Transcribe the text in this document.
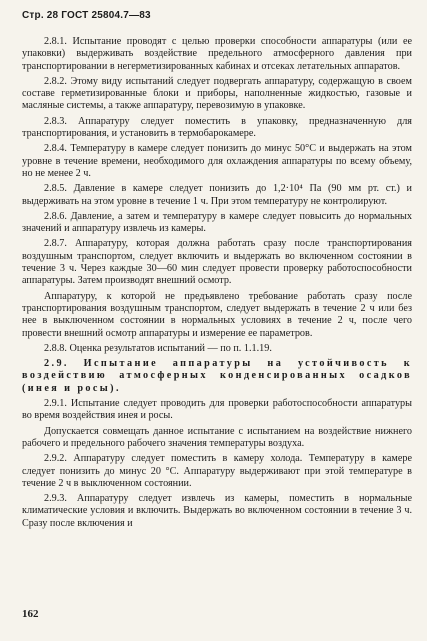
Стр. 28 ГОСТ 25804.7—83

2.8.1. Испытание проводят с целью проверки способности аппаратуры (или ее упаковки) выдерживать воздействие предельного атмосферного давления при транспортировании в негерметизированных кабинах и отсеках летательных аппаратов.

2.8.2. Этому виду испытаний следует подвергать аппаратуру, содержащую в своем составе герметизированные блоки и приборы, наполненные жидкостью, газовые и масляные системы, а также аппаратуру, перевозимую в упаковке.

2.8.3. Аппаратуру следует поместить в упаковку, предназначенную для транспортирования, и установить в термобарокамере.

2.8.4. Температуру в камере следует понизить до минус 50°С и выдержать на этом уровне в течение времени, необходимого для охлаждения аппаратуры по всему объему, но не менее 2 ч.

2.8.5. Давление в камере следует понизить до 1,2·10⁴ Па (90 мм рт. ст.) и выдерживать на этом уровне в течение 1 ч. При этом температуру не контролируют.

2.8.6. Давление, а затем и температуру в камере следует повысить до нормальных значений и аппаратуру извлечь из камеры.

2.8.7. Аппаратуру, которая должна работать сразу после транспортирования воздушным транспортом, следует включить и выдержать во включенном состоянии в течение 3 ч. Через каждые 30—60 мин следует провести проверку работоспособности аппаратуры. Затем производят внешний осмотр.

Аппаратуру, к которой не предъявлено требование работать сразу после транспортирования воздушным транспортом, следует выдержать в течение 2 ч или без нее в выключенном состоянии в нормальных условиях в течение 2 ч, после чего провести внешний осмотр аппаратуры и измерение ее параметров.

2.8.8. Оценка результатов испытаний — по п. 1.1.19.

2.9. Испытание аппаратуры на устойчивость к воздействию атмосферных конденсированных осадков (инея и росы).

2.9.1. Испытание следует проводить для проверки работоспособности аппаратуры во время воздействия инея и росы.

Допускается совмещать данное испытание с испытанием на воздействие нижнего рабочего и предельного рабочего значения температуры воздуха.

2.9.2. Аппаратуру следует поместить в камеру холода. Температуру в камере следует понизить до минус 20 °С. Аппаратуру выдерживают при этой температуре в течение 2 ч в выключенном состоянии.

2.9.3. Аппаратуру следует извлечь из камеры, поместить в нормальные климатические условия и включить. Выдержать во включенном состоянии в течение 3 ч. Сразу после включения и

162
